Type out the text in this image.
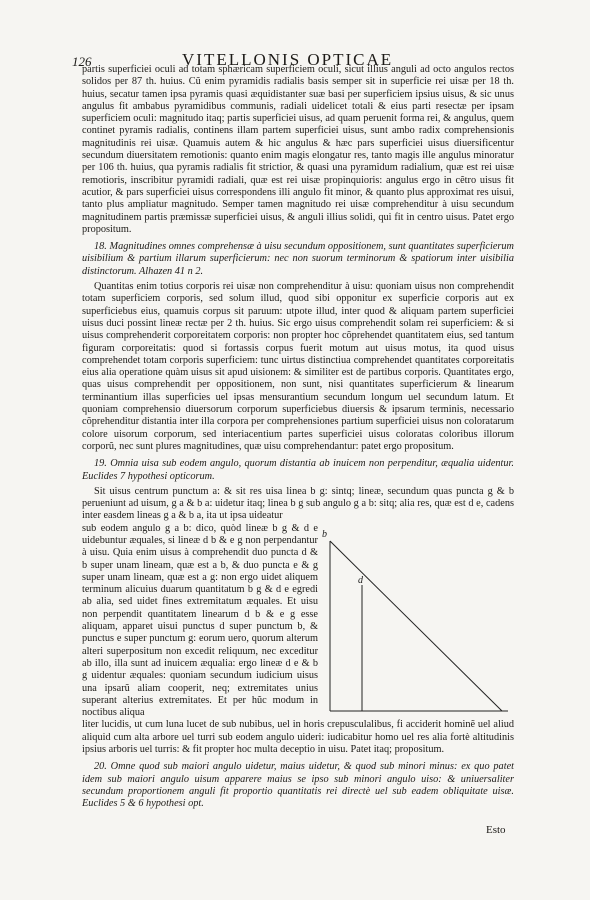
126	VITELLONIS OPTICAE

partis superficiei oculi ad totam sphæricam superficiem oculi, sicut illius anguli ad octo angulos rectos solidos per 87 th. huius. Cũ enim pyramidis radialis basis semper sit in superficie rei uisæ per 18 th. huius, secatur tamen ipsa pyramis quasi æquidistanter suæ basi per superficiem ipsius uisus, & sic unus angulus fit ambabus pyramidibus communis, radiali uidelicet totali & eius parti resectæ per ipsam superficiem oculi: magnitudo itaq; partis superficiei uisus, ad quam peruenit forma rei, & angulus, quem continet pyramis radialis, continens illam partem superficiei uisus, sunt ambo radix comprehensionis magnitudinis rei uisæ. Quamuis autem & hic angulus & hæc pars superficiei uisus diuersificentur secundum diuersitatem remotionis: quanto enim magis elongatur res, tanto magis ille angulus minoratur per 106 th. huius, qua pyramis radialis fit strictior, & quasi una pyramidum radialium, quæ est rei uisæ remotioris, inscribitur pyramidi radiali, quæ est rei uisæ propinquioris: angulus ergo in cẽtro uisus fit acutior, & pars superficiei uisus correspondens illi angulo fit minor, & quanto plus approximat res uisui, tanto plus ampliatur magnitudo. Semper tamen magnitudo rei uisæ comprehenditur à uisu secundum magnitudinem partis præmissæ superficiei uisus, & anguli illius solidi, qui fit in centro uisus. Patet ergo propositum.

18. Magnitudines omnes comprehensæ à uisu secundum oppositionem, sunt quantitates superficierum uisibilium & partium illarum superficierum: nec non suorum terminorum & spatiorum inter uisibilia distinctorum. Alhazen 41 n 2.

Quantitas enim totius corporis rei uisæ non comprehenditur à uisu: quoniam uisus non comprehendit totam superficiem corporis, sed solum illud, quod sibi opponitur ex superficie corporis aut ex superficiebus eius, quamuis corpus sit paruum: utpote illud, inter quod & aliquam partem superficiei uisus duci possint lineæ rectæ per 2 th. huius. Sic ergo uisus comprehendit solam rei superficiem: & si uisus comprehenderit corporeitatem corporis: non propter hoc cõprehendet quantitatem eius, sed tantum figuram corporeitatis: quod si fortassis corpus fuerit motum aut uisus motus, ita quod uisus comprehendet totam corporis superficiem: tunc uirtus distinctiua comprehendet quantitates corporeitatis eius alia operatione quàm uisus sit apud uisionem: & similiter est de partibus corporis. Quantitates ergo, quas uisus comprehendit per oppositionem, non sunt, nisi quantitates superficierum & linearum terminantium illas superficies uel ipsas mensurantium secundum longum uel secundum latum. Et quoniam comprehensio diuersorum corporum superficiebus diuersis & ipsarum terminis, necessario cõprehenditur distantia inter illa corpora per comprehensiones partium superficiei uisus non coloratarum colore uisorum corporum, sed interiacentium partes superficiei uisus coloratas coloribus illorum corporũ, nec sunt plures magnitudines, quæ uisu comprehendantur: patet ergo propositum.

19. Omnia uisa sub eodem angulo, quorum distantia ab inuicem non perpenditur, æqualia uidentur. Euclides 7 hypothesi opticorum.

Sit uisus centrum punctum a: & sit res uisa linea b g: sintq; lineæ, secundum quas puncta g & b perueniunt ad uisum, g a & b a: uidetur itaq; linea b g sub angulo g a b: sitq; alia res, quæ est d e, cadens inter easdem lineas g a & b a, ita ut ipsa uideatur

sub eodem angulo g a b: dico, quòd lineæ b g & d e uidebuntur æquales, si lineæ d b & e g non perpendantur à uisu. Quia enim uisus à comprehendit duo puncta d & b super unam lineam, quæ est a b, & duo puncta e & g super unam lineam, quæ est a g: non ergo uidet aliquem terminum alicuius duarum quantitatum b g & d e egredi ab alia, sed uidet fines extremitatum æquales. Et uisu non perpendit quantitatem linearum d b & e g esse aliquam, apparet uisui punctus d super punctum b, & punctus e super punctum g: eorum uero, quorum alterum alteri superpositum non excedit reliquum, nec exceditur ab illo, illa sunt ad inuicem æqualia: ergo lineæ d e & b g uidentur æquales: quoniam secundum iudicium uisus una ipsarũ aliam cooperit, neq; extremitates unius superant alterius extremitates. Et per hũc modum in noctibus aliqua

b
d

liter lucidis, ut cum luna lucet de sub nubibus, uel in horis crepusculalibus, fi acciderit hominẽ uel aliud aliquid cum alta arbore uel turri sub eodem angulo uideri: iudicabitur homo uel res alia fortè altitudinis ipsius arboris uel turris: & fit propter hoc multa deceptio in uisu. Patet itaq; propositum.

20. Omne quod sub maiori angulo uidetur, maius uidetur, & quod sub minori minus: ex quo patet idem sub maiori angulo uisum apparere maius se ipso sub minori angulo uiso: & uniuersaliter secundum proportionem anguli fit proportio quantitatis rei directè uel sub eadem obliquitate uisæ. Euclides 5 & 6 hypothesi opt.

Esto
